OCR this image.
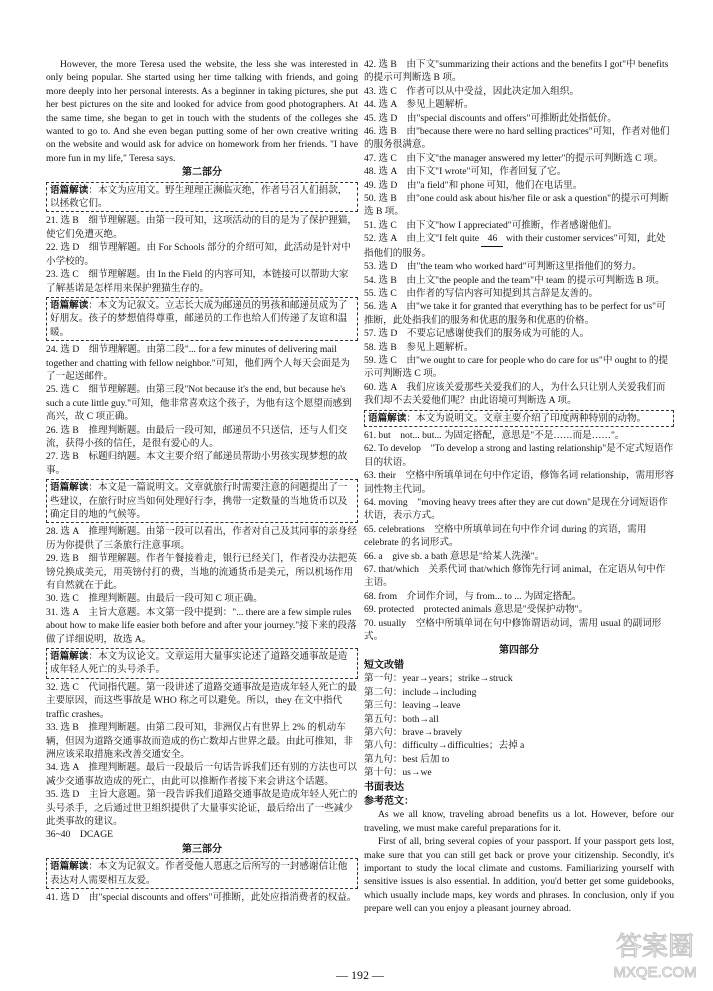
However, the more Teresa used the website, the less she was interested in only being popular. She started using her time talking with friends, and going more deeply into her personal interests. As a beginner in taking pictures, she put her best pictures on the site and looked for advice from good photographers. At the same time, she began to get in touch with the students of the colleges she wanted to go to. And she even began putting some of her own creative writing on the website and would ask for advice on homework from her friends. "I have more fun in my life," Teresa says.

第二部分
语篇解读：本文为应用文。野生理理正濒临灭绝，作者号召人们捐款，以拯救它们。

21. 选 B　细节理解题。由第一段可知，这项活动的目的是为了保护狸猫，使它们免遭灭绝。

22. 选 D　细节理解题。由 For Schools 部分的介绍可知，此活动是针对中小学校的。

23. 选 C　细节理解题。由 In the Field 的内容可知，本链接可以帮助大家了解基诺是怎样用来保护狸猫生存的。

语篇解读：本文为记叙文。立志长大成为邮递员的男孩和邮递员成为了好朋友。孩子的梦想值得尊重，邮递员的工作也给人们传递了友谊和温暖。

24. 选 D　细节理解题。由第二段"... for a few minutes of delivering mail together and chatting with fellow neighbor."可知，他们两个人每天会面是为了一起送邮件。

25. 选 C　细节理解题。由第三段"Not because it's the end, but because he's such a cute little guy."可知，他非常喜欢这个孩子，为他有这个愿望而感到高兴，故 C 项正确。

26. 选 B　推理判断题。由最后一段可知，邮递员不只送信，还与人们交流，获得小孩的信任，是很有爱心的人。

27. 选 B　标题归纳题。本文主要介绍了邮递员帮助小男孩实现梦想的故事。

语篇解读：本文是一篇说明文。文章就旅行时需要注意的问题提出了一些建议，在旅行时应当如何处理好行李，携带一定数量的当地货币以及确定目的地的气候等。

28. 选 A　推理判断题。由第一段可以看出，作者对自己及其同事的亲身经历为你提供了三条旅行注意事项。

29. 选 B　细节理解题。作者午餐接着走，银行已经关门，作者没办法把英镑兑换成美元，用英镑付打的费，当地的流通货币是美元，所以机场作用有自然就在于此。

30. 选 C　推理判断题。由最后一段可知 C 项正确。

31. 选 A　主旨大意题。本文第一段中提到："... there are a few simple rules about how to make life easier both before and after your journey."接下来的段落做了详细说明，故选 A。

语篇解读：本文为议论文。文章运用大量事实论述了道路交通事故是造成年轻人死亡的头号杀手。

32. 选 C　代词指代题。第一段讲述了道路交通事故是造成年轻人死亡的最主要原因，而这些事故是 WHO 称之可以避免。所以，they 在文中指代 traffic crashes。

33. 选 B　推理判断题。由第二段可知，非洲仅占有世界上 2% 的机动车辆，但因为道路交通事故而造成的伤亡数却占世界之最。由此可推知，非洲应该采取措施来改善交通安全。

34. 选 A　推理判断题。最后一段最后一句话告诉我们还有别的方法也可以减少交通事故造成的死亡，由此可以推断作者接下来会讲这个话题。

35. 选 D　主旨大意题。第一段告诉我们道路交通事故是造成年轻人死亡的头号杀手，之后通过世卫组织提供了大量事实论证，最后给出了一些减少此类事故的建议。

36~40　DCAGE

第三部分
语篇解读：本文为记叙文。作者受他人恩惠之后所写的一封感谢信让他表达对人需要相互友爱。

41. 选 D　由"special discounts and offers"可推断，此处应指消费者的权益。

42. 选 B　由下文"summarizing their actions and the benefits I got"中 benefits 的提示可判断选 B 项。

43. 选 C　作者可以从中受益，因此决定加入组织。

44. 选 A　参见上题解析。

45. 选 D　由"special discounts and offers"可推断此处指低价。

46. 选 B　由"because there were no hard selling practices"可知，作者对他们的服务很满意。

47. 选 C　由下文"the manager answered my letter"的提示可判断选 C 项。

48. 选 A　由下文"I wrote"可知，作者回复了它。

49. 选 D　由"a field"和 phone 可知，他们在电话里。

50. 选 B　由"one could ask about his/her file or ask a question"的提示可判断选 B 项。

51. 选 C　由下文"how I appreciated"可推断，作者感谢他们。

52. 选 A　由上文"I felt quite 46 with their customer services"可知，此处指他们的服务。

53. 选 D　由"the team who worked hard"可判断这里指他们的努力。

54. 选 B　由上文"the people and the team"中 team 的提示可判断选 B 项。

55. 选 C　由作者的写信内容可知提到其言辞是友善的。

56. 选 A　由"we take it for granted that everything has to be perfect for us"可推断，此处指我们的服务和优惠的服务和优惠的价格。

57. 选 D　不要忘记感谢使我们的服务成为可能的人。

58. 选 B　参见上题解析。

59. 选 C　由"we ought to care for people who do care for us"中 ought to 的提示可判断选 C 项。

60. 选 A　我们应该关爱那些关爱我们的人，为什么只让别人关爱我们而我们却不去关爱他们呢？由此语境可判断选 A 项。

语篇解读：本文为说明文。文章主要介绍了印度两种特别的动物。

61. but　not... but... 为固定搭配，意思是"不是……而是……"。

62. To develop　"To develop a strong and lasting relationship"是不定式短语作目的状语。

63. their　空格中所填单词在句中作定语，修饰名词 relationship，需用形容词性物主代词。

64. moving　"moving heavy trees after they are cut down"是现在分词短语作状语，表示方式。

65. celebrations　空格中所填单词在句中作介词 during 的宾语，需用 celebrate 的名词形式。

66. a　give sb. a bath 意思是"给某人洗澡"。

67. that/which　关系代词 that/which 修饰先行词 animal，在定语从句中作主语。

68. from　介词作介词，与 from... to ... 为固定搭配。

69. protected　protected animals 意思是"受保护动物"。

70. usually　空格中所填单词在句中修饰谓语动词，需用 usual 的副词形式。

第四部分
短文改错

第一句：year→years；strike→struck

第二句：include→including

第三句：leaving→leave

第五句：both→all

第六句：brave→bravely

第八句：difficulty→difficulties；去掉 a

第九句：best 后加 to

第十句：us→we

书面表达
参考范文：

As we all know, traveling abroad benefits us a lot. However, before our traveling, we must make careful preparations for it.

First of all, bring several copies of your passport. If your passport gets lost, make sure that you can still get back or prove your citizenship. Secondly, it's important to study the local climate and customs. Familiarizing yourself with sensitive issues is also essential. In addition, you'd better get some guidebooks, which usually include maps, key words and phrases. In conclusion, only if you prepare well can you enjoy a pleasant journey abroad.

— 192 —
答案圈
MXQE.COM
